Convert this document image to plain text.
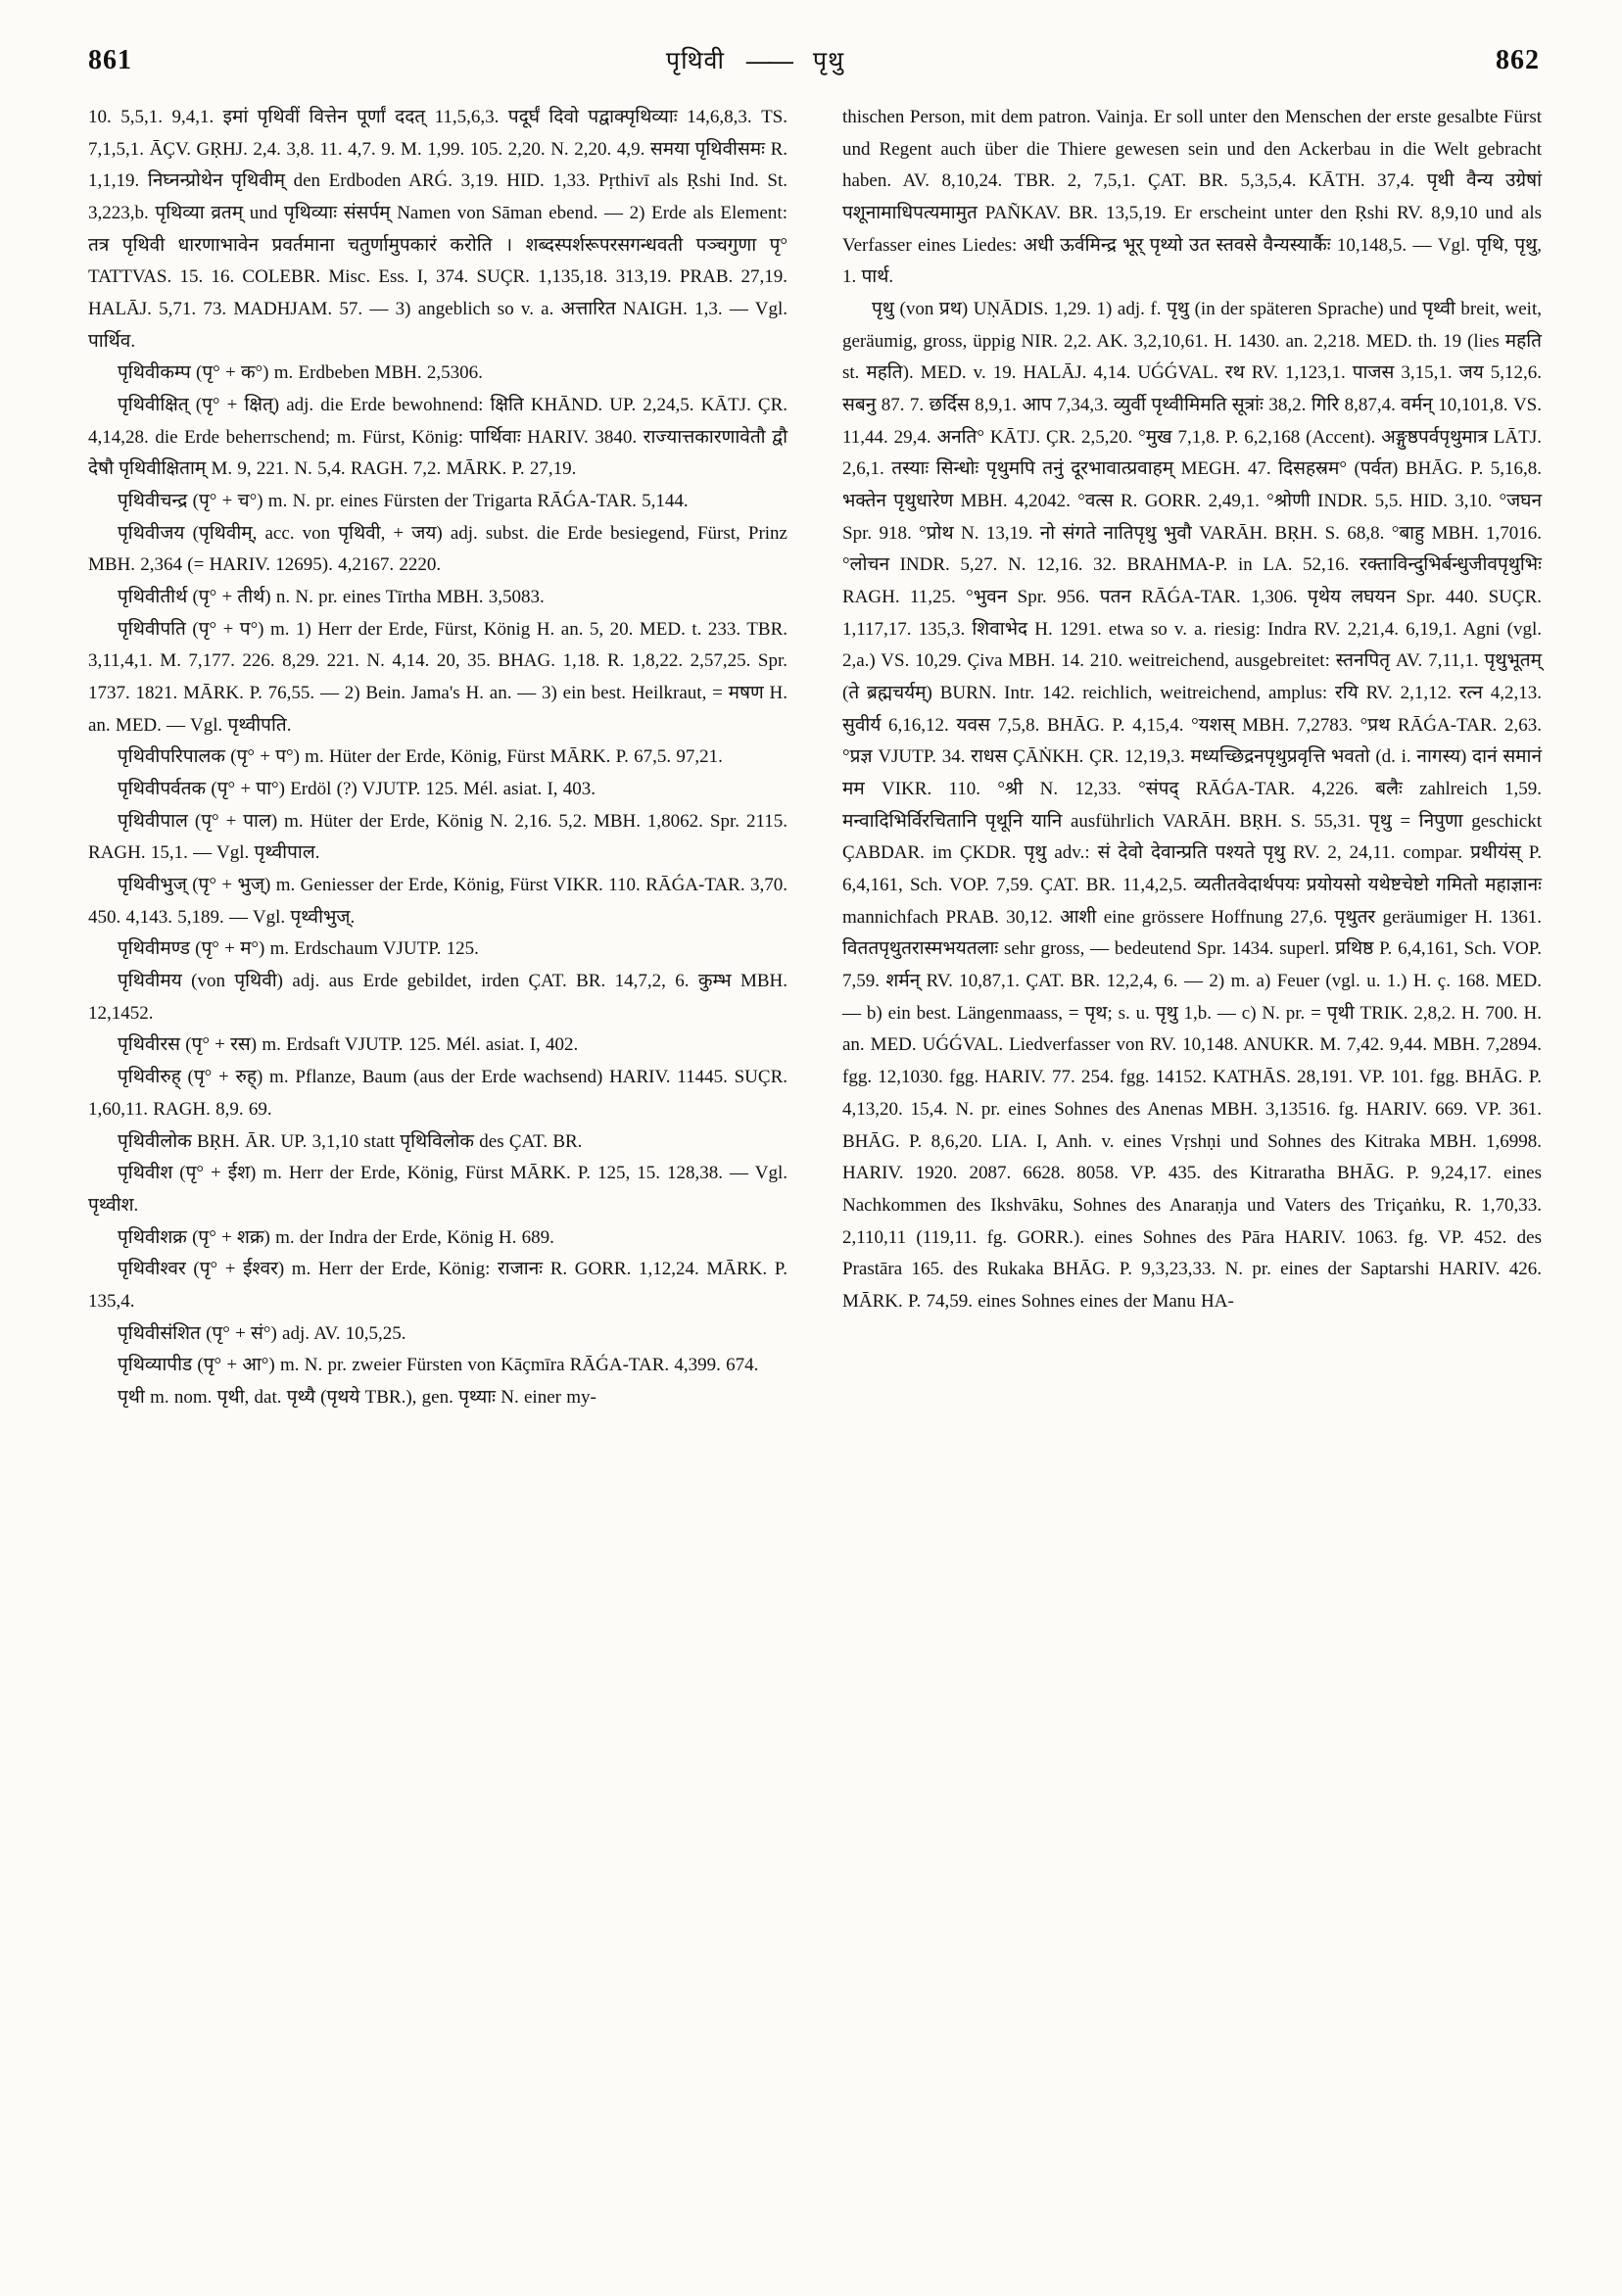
861	पृथिवी —— पृथु	862

10. 5,5,1. 9,4,1. इमां पृथिवीं वित्तेन पूर्णां ददत् 11,5,6,3. पदूर्घं दिवो पद्वाक्पृथिव्याः 14,6,8,3. TS. 7,1,5,1. ĀÇV. GṚHJ. 2,4. 3,8. 11. 4,7. 9. M. 1,99. 105. 2,20. N. 2,20. 4,9. समया पृथिवीसमः R. 1,1,19. निघ्नन्प्रोथेन पृथिवीम् den Erdboden ARǴ. 3,19. HID. 1,33. Pṛthivī als Ṛshi Ind. St. 3,223,b. पृथिव्या व्रतम् und पृथिव्याः संसर्पम् Namen von Sāman ebend. — 2) Erde als Element: तत्र पृथिवी धारणाभावेन प्रवर्तमाना चतुर्णामुपकारं करोति । शब्दस्पर्शरूपरसगन्धवती पञ्चगुणा पृ° TATTVAS. 15. 16. COLEBR. Misc. Ess. I, 374. SUÇR. 1,135,18. 313,19. PRAB. 27,19. HALĀJ. 5,71. 73. MADHJAM. 57. — 3) angeblich so v. a. अत्तारित NAIGH. 1,3. — Vgl. पार्थिव.

पृथिवीकम्प (पृ° + क°) m. Erdbeben MBH. 2,5306.

पृथिवीक्षित् (पृ° + क्षित्) adj. die Erde bewohnend: क्षिति KHĀND. UP. 2,24,5. KĀTJ. ÇR. 4,14,28. die Erde beherrschend; m. Fürst, König: पार्थिवाः HARIV. 3840. राज्यात्तकारणावेतौ द्वौ देषौ पृथिवीक्षिताम् M. 9, 221. N. 5,4. RAGH. 7,2. MĀRK. P. 27,19.

पृथिवीचन्द्र (पृ° + च°) m. N. pr. eines Fürsten der Trigarta RĀǴA-TAR. 5,144.

पृथिवीजय (पृथिवीम्, acc. von पृथिवी, + जय) adj. subst. die Erde besiegend, Fürst, Prinz MBH. 2,364 (= HARIV. 12695). 4,2167. 2220.

पृथिवीतीर्थ (पृ° + तीर्थ) n. N. pr. eines Tīrtha MBH. 3,5083.

पृथिवीपति (पृ° + प°) m. 1) Herr der Erde, Fürst, König H. an. 5, 20. MED. t. 233. TBR. 3,11,4,1. M. 7,177. 226. 8,29. 221. N. 4,14. 20, 35. BHAG. 1,18. R. 1,8,22. 2,57,25. Spr. 1737. 1821. MĀRK. P. 76,55. — 2) Bein. Jama's H. an. — 3) ein best. Heilkraut, = मषण H. an. MED. — Vgl. पृथ्वीपति.

पृथिवीपरिपालक (पृ° + प°) m. Hüter der Erde, König, Fürst MĀRK. P. 67,5. 97,21.

पृथिवीपर्वतक (पृ° + पा°) Erdöl (?) VJUTP. 125. Mél. asiat. I, 403.

पृथिवीपाल (पृ° + पाल) m. Hüter der Erde, König N. 2,16. 5,2. MBH. 1,8062. Spr. 2115. RAGH. 15,1. — Vgl. पृथ्वीपाल.

पृथिवीभुज् (पृ° + भुज्) m. Geniesser der Erde, König, Fürst VIKR. 110. RĀǴA-TAR. 3,70. 450. 4,143. 5,189. — Vgl. पृथ्वीभुज्.

पृथिवीमण्ड (पृ° + म°) m. Erdschaum VJUTP. 125.

पृथिवीमय (von पृथिवी) adj. aus Erde gebildet, irden ÇAT. BR. 14,7,2, 6. कुम्भ MBH. 12,1452.

पृथिवीरस (पृ° + रस) m. Erdsaft VJUTP. 125. Mél. asiat. I, 402.

पृथिवीरुह् (पृ° + रुह्) m. Pflanze, Baum (aus der Erde wachsend) HARIV. 11445. SUÇR. 1,60,11. RAGH. 8,9. 69.

पृथिवीलोक BṚH. ĀR. UP. 3,1,10 statt पृथिविलोक des ÇAT. BR.

पृथिवीश (पृ° + ईश) m. Herr der Erde, König, Fürst MĀRK. P. 125, 15. 128,38. — Vgl. पृथ्वीश.

पृथिवीशक्र (पृ° + शक्र) m. der Indra der Erde, König H. 689.

पृथिवीश्वर (पृ° + ईश्वर) m. Herr der Erde, König: राजानः R. GORR. 1,12,24. MĀRK. P. 135,4.

पृथिवीसंशित (पृ° + सं°) adj. AV. 10,5,25.

पृथिव्यापीड (पृ° + आ°) m. N. pr. zweier Fürsten von Kāçmīra RĀǴA-TAR. 4,399. 674.

पृथी m. nom. पृथी, dat. पृथ्यै (पृथये TBR.), gen. पृथ्याः N. einer my-

thischen Person, mit dem patron. Vainja. Er soll unter den Menschen der erste gesalbte Fürst und Regent auch über die Thiere gewesen sein und den Ackerbau in die Welt gebracht haben. AV. 8,10,24. TBR. 2, 7,5,1. ÇAT. BR. 5,3,5,4. KĀTH. 37,4. पृथी वैन्य उग्रेषां पशूनामाधिपत्यमामुत PAÑKAV. BR. 13,5,19. Er erscheint unter den Ṛshi RV. 8,9,10 und als Verfasser eines Liedes: अधी ऊर्वमिन्द्र भूर् पृथ्यो उत स्तवसे वैन्यस्यार्कैः 10,148,5. — Vgl. पृथि, पृथु, 1. पार्थ.

पृथु (von प्रथ) UṆĀDIS. 1,29. 1) adj. f. पृथु (in der späteren Sprache) und पृथ्वी breit, weit, geräumig, gross, üppig NIR. 2,2. AK. 3,2,10,61. H. 1430. an. 2,218. MED. th. 19 (lies महति st. महति). MED. v. 19. HALĀJ. 4,14. UǴǴVAL. रथ RV. 1,123,1. पाजस 3,15,1. जय 5,12,6. सबनु 87. 7. छर्दिस 8,9,1. आप 7,34,3. व्युर्वी पृथ्वीमिमति सूत्रांः 38,2. गिरि 8,87,4. वर्मन् 10,101,8. VS. 11,44. 29,4. अनति° KĀTJ. ÇR. 2,5,20. °मुख 7,1,8. P. 6,2,168 (Accent). अङ्गुष्ठपर्वपृथुमात्र LĀTJ. 2,6,1. तस्याः सिन्धोः पृथुमपि तनुं दूरभावात्प्रवाहम् MEGH. 47. दिसहस्रम° (पर्वत) BHĀG. P. 5,16,8. भक्तेन पृथुधारेण MBH. 4,2042. °वत्स R. GORR. 2,49,1. °श्रोणी INDR. 5,5. HID. 3,10. °जघन Spr. 918. °प्रोथ N. 13,19. नो संगते नातिपृथु भुवौ VARĀH. BṚH. S. 68,8. °बाहु MBH. 1,7016. °लोचन INDR. 5,27. N. 12,16. 32. BRAHMA-P. in LA. 52,16. रक्ताविन्दुभिर्बन्धुजीवपृथुभिः RAGH. 11,25. °भुवन Spr. 956. पतन RĀǴA-TAR. 1,306. पृथेय लघयन Spr. 440. SUÇR. 1,117,17. 135,3. शिवाभेद H. 1291. etwa so v. a. riesig: Indra RV. 2,21,4. 6,19,1. Agni (vgl. 2,a.) VS. 10,29. Çiva MBH. 14. 210. weitreichend, ausgebreitet: स्तनपितृ AV. 7,11,1. पृथुभूतम् (ते ब्रह्मचर्यम्) BURN. Intr. 142. reichlich, weitreichend, amplus: रयि RV. 2,1,12. रत्न 4,2,13. सुवीर्य 6,16,12. यवस 7,5,8. BHĀG. P. 4,15,4. °यशस् MBH. 7,2783. °प्रथ RĀǴA-TAR. 2,63. °प्रज्ञ VJUTP. 34. राधस ÇĀṄKH. ÇR. 12,19,3. मध्यच्छिद्रनपृथुप्रवृत्ति भवतो (d. i. नागस्य) दानं समानं मम VIKR. 110. °श्री N. 12,33. °संपद् RĀǴA-TAR. 4,226. बलैः zahlreich 1,59. मन्वादिभिर्विरचितानि पृथूनि यानि ausführlich VARĀH. BṚH. S. 55,31. पृथु = निपुणा geschickt ÇABDAR. im ÇKDR. पृथु adv.: सं देवो देवान्प्रति पश्यते पृथु RV. 2, 24,11. compar. प्रथीयंस् P. 6,4,161, Sch. VOP. 7,59. ÇAT. BR. 11,4,2,5. व्यतीतवेदार्थपयः प्रयोयसो यथेष्टचेष्टो गमितो महाज्ञानः mannichfach PRAB. 30,12. आशी eine grössere Hoffnung 27,6. पृथुतर geräumiger H. 1361. विततपृथुतरास्मभयतलाः sehr gross, — bedeutend Spr. 1434. superl. प्रथिष्ठ P. 6,4,161, Sch. VOP. 7,59. शर्मन् RV. 10,87,1. ÇAT. BR. 12,2,4, 6. — 2) m. a) Feuer (vgl. u. 1.) H. ç. 168. MED. — b) ein best. Längenmaass, = पृथ; s. u. पृथु 1,b. — c) N. pr. = पृथी TRIK. 2,8,2. H. 700. H. an. MED. UǴǴVAL. Liedverfasser von RV. 10,148. ANUKR. M. 7,42. 9,44. MBH. 7,2894. fgg. 12,1030. fgg. HARIV. 77. 254. fgg. 14152. KATHĀS. 28,191. VP. 101. fgg. BHĀG. P. 4,13,20. 15,4. N. pr. eines Sohnes des Anenas MBH. 3,13516. fg. HARIV. 669. VP. 361. BHĀG. P. 8,6,20. LIA. I, Anh. v. eines Vṛshṇi und Sohnes des Kitraka MBH. 1,6998. HARIV. 1920. 2087. 6628. 8058. VP. 435. des Kitraratha BHĀG. P. 9,24,17. eines Nachkommen des Ikshvāku, Sohnes des Anaraṇja und Vaters des Triçaṅku, R. 1,70,33. 2,110,11 (119,11. fg. GORR.). eines Sohnes des Pāra HARIV. 1063. fg. VP. 452. des Prastāra 165. des Rukaka BHĀG. P. 9,3,23,33. N. pr. eines der Saptarshi HARIV. 426. MĀRK. P. 74,59. eines Sohnes eines der Manu HA-
